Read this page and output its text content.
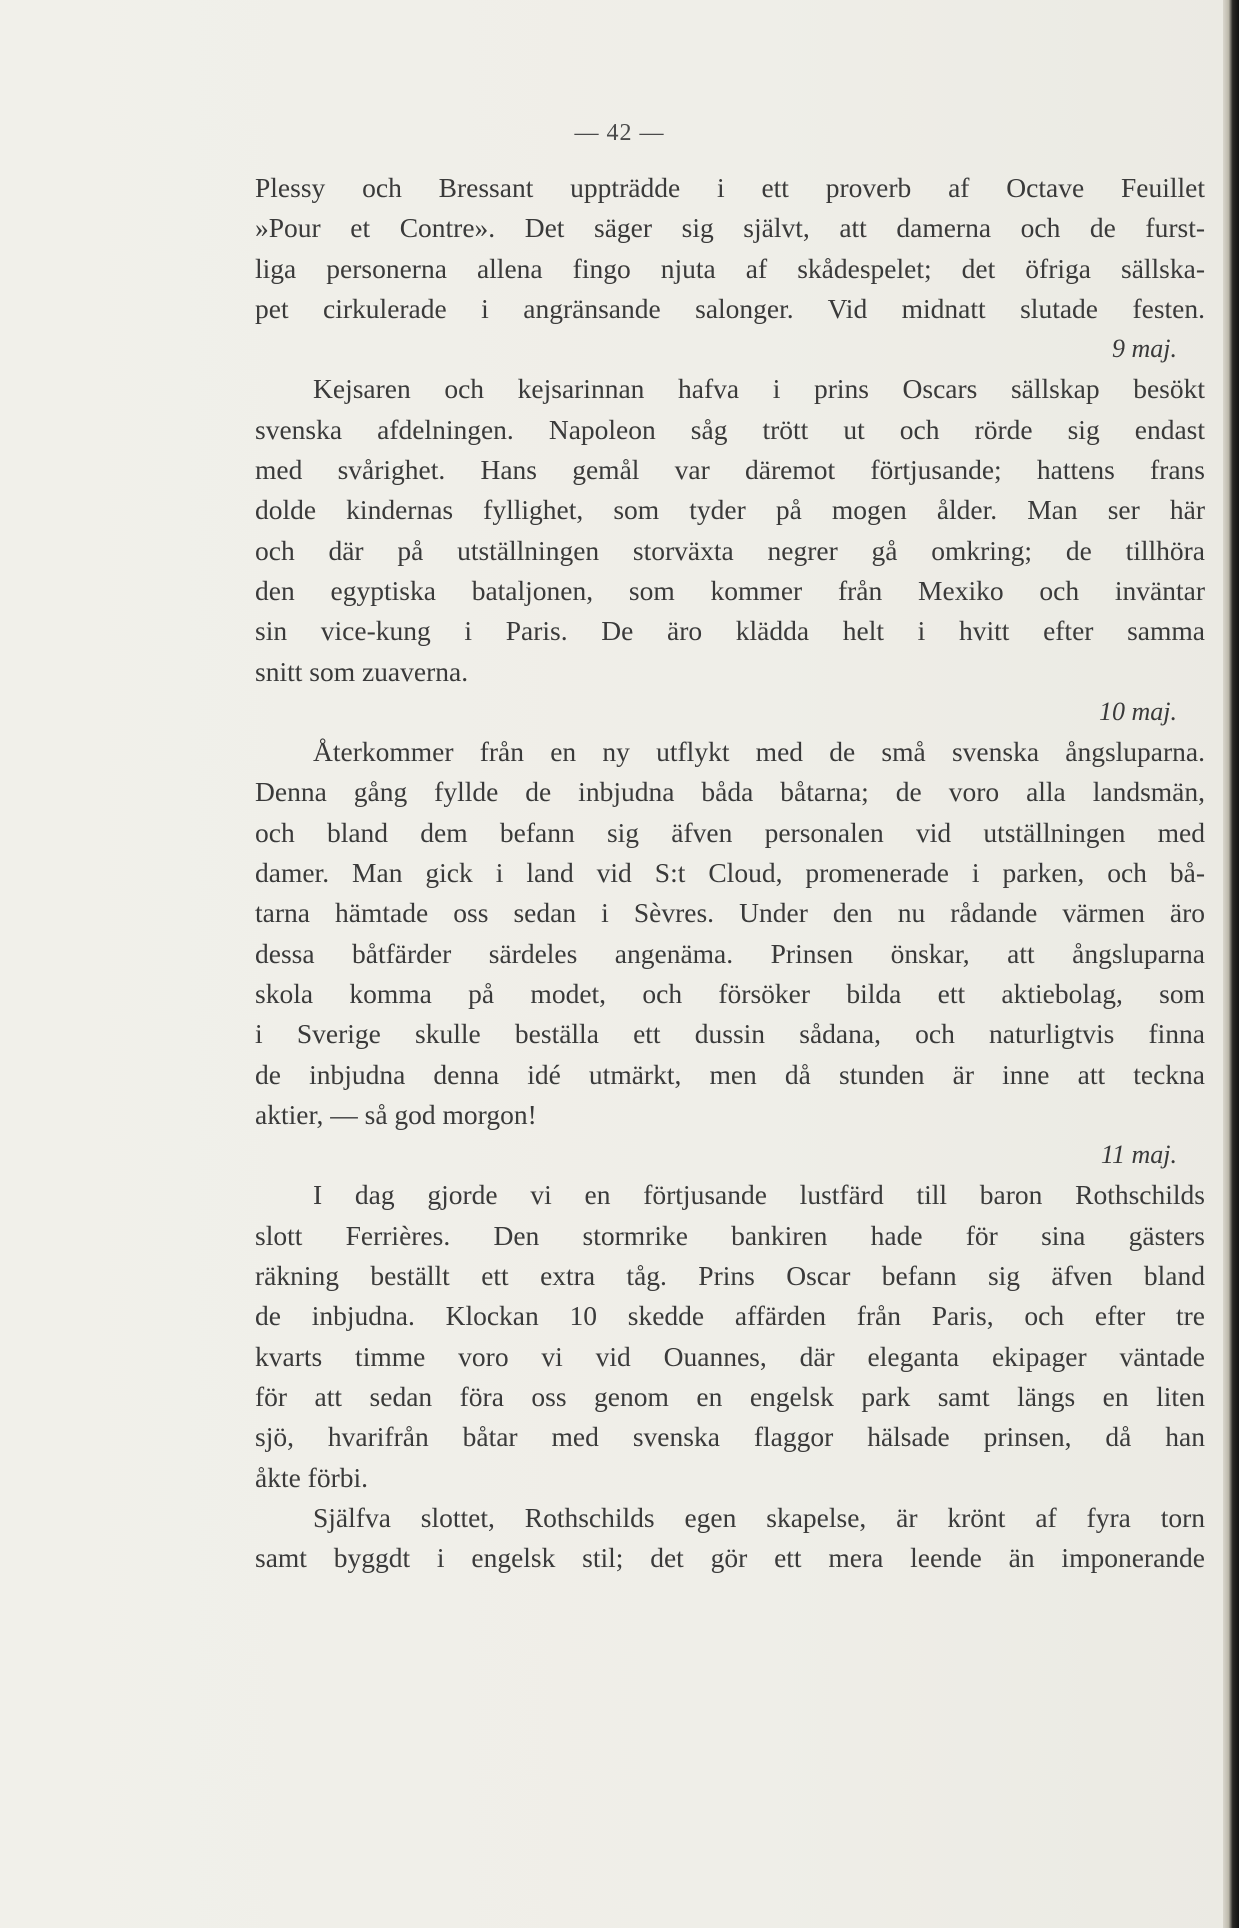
— 42 —
Plessy och Bressant uppträdde i ett proverb af Octave Feuillet
»Pour et Contre». Det säger sig självt, att damerna och de furst-
liga personerna allena fingo njuta af skådespelet; det öfriga sällska-
pet cirkulerade i angränsande salonger. Vid midnatt slutade festen.
9 maj.
Kejsaren och kejsarinnan hafva i prins Oscars sällskap besökt
svenska afdelningen. Napoleon såg trött ut och rörde sig endast
med svårighet. Hans gemål var däremot förtjusande; hattens frans
dolde kindernas fyllighet, som tyder på mogen ålder. Man ser här
och där på utställningen storväxta negrer gå omkring; de tillhöra
den egyptiska bataljonen, som kommer från Mexiko och inväntar
sin vice-kung i Paris. De äro klädda helt i hvitt efter samma
snitt som zuaverna.
10 maj.
Återkommer från en ny utflykt med de små svenska ångsluparna.
Denna gång fyllde de inbjudna båda båtarna; de voro alla landsmän,
och bland dem befann sig äfven personalen vid utställningen med
damer. Man gick i land vid S:t Cloud, promenerade i parken, och bå-
tarna hämtade oss sedan i Sèvres. Under den nu rådande värmen äro
dessa båtfärder särdeles angenäma. Prinsen önskar, att ångsluparna
skola komma på modet, och försöker bilda ett aktiebolag, som
i Sverige skulle beställa ett dussin sådana, och naturligtvis finna
de inbjudna denna idé utmärkt, men då stunden är inne att teckna
aktier, — så god morgon!
11 maj.
I dag gjorde vi en förtjusande lustfärd till baron Rothschilds
slott Ferrières. Den stormrike bankiren hade för sina gästers
räkning beställt ett extra tåg. Prins Oscar befann sig äfven bland
de inbjudna. Klockan 10 skedde affärden från Paris, och efter tre
kvarts timme voro vi vid Ouannes, där eleganta ekipager väntade
för att sedan föra oss genom en engelsk park samt längs en liten
sjö, hvarifrån båtar med svenska flaggor hälsade prinsen, då han
åkte förbi.
Själfva slottet, Rothschilds egen skapelse, är krönt af fyra torn
samt byggdt i engelsk stil; det gör ett mera leende än imponerande
